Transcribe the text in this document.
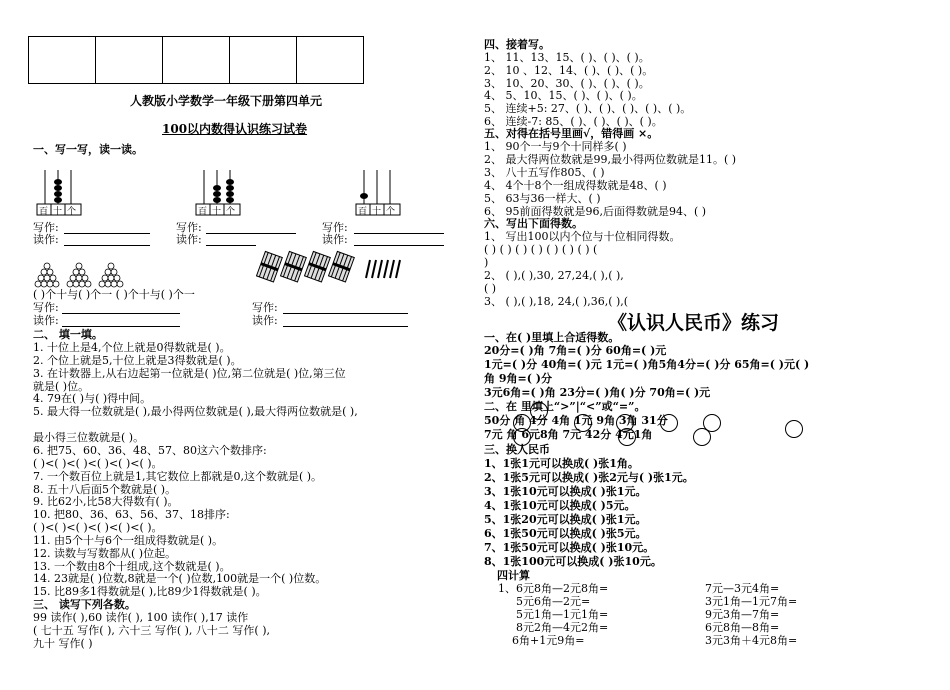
人教版小学数学一年级下册第四单元
100以内数得认识练习试卷
一、写一写，读一读。
百 十 个	百 十 个	百 十 个
写作:
读作:
写作:
读作:
写作:
读作:
( )个十与( )个一 ( )个十与( )个一
写作:
读作:
写作:
读作:
二、 填一填。
1. 十位上是4,个位上就是0得数就是( )。
2. 个位上就是5,十位上就是3得数就是( )。
3. 在计数器上,从右边起第一位就是( )位,第二位就是( )位,第三位
就是( )位。
4. 79在( )与( )得中间。
5. 最大得一位数就是( ),最小得两位数就是( ),最大得两位数就是( ),
最小得三位数就是( )。
6. 把75、60、36、48、57、80这六个数排序:
( )<( )<( )<( )<( )<( )。
7. 一个数百位上就是1,其它数位上都就是0,这个数就是( )。
8. 五十八后面5个数就是( )。
9. 比62小,比58大得数有( )。
10. 把80、36、63、56、37、18排序:
( )<( )<( )<( )<( )<( )。
11. 由5个十与6个一组成得数就是( )。
12. 读数与写数都从( )位起。
13. 一个数由8个十组成,这个数就是( )。
14. 23就是( )位数,8就是一个( )位数,100就是一个( )位数。
15. 比89多1得数就是( ),比89少1得数就是( )。
三、 读写下列各数。
99 读作( ),60 读作( ), 100 读作( ),17 读作
( 七十五 写作( ), 六十三 写作( ), 八十二 写作( ),
九十 写作( )
四、接着写。
1、 11、13、15、( )、( )、( )。
2、 10 、12、14、( )、( )、( )。
3、 10、20、30、( )、( )、( )。
4、 5、10、15、( )、( )、( )。
5、 连续+5: 27、( )、( )、( )、( )、( )。
6、 连续-7: 85、( )、( )、( )、( )。
五、对得在括号里画√，错得画 ×。
1、 90个一与9个十同样多( )
2、 最大得两位数就是99,最小得两位数就是11。( )
3、 八十五写作805、( )
4、 4个十8个一组成得数就是48、( )
5、 63与36一样大、( )
6、 95前面得数就是96,后面得数就是94、( )
六、写出下面得数。
1、 写出100以内个位与十位相同得数。
( ) ( ) ( ) ( ) ( ) ( ) ( ) (
)
2、 ( ),( ),30, 27,24,( ),( ),
( )
3、 ( ),( ),18, 24,( ),36,( ),(
《认识人民币》练习
一、在( )里填上合适得数。
20分=( )角 7角=( )分 60角=( )元
1元=( )分 40角=( )元 1元=( )角5角4分=( )分 65角=( )元( )
角 9角=( )分
3元6角=( )角 23分=( )角( )分 70角=( )元
二、在 里填上“>”|“<”或“=”。
50分 角 4分 4角 1元 9角 3角 31分
7元 角 6元8角 7元 42分 4元1角
三、换人民币
1、1张1元可以换成( )张1角。
2、1张5元可以换成( )张2元与( )张1元。
3、1张10元可以换成( )张1元。
4、1张10元可以换成( )5元。
5、1张20元可以换成( )张1元。
6、1张50元可以换成( )张5元。
7、1张50元可以换成( )张10元。
8、1张100元可以换成( )张10元。
四计算
1、6元8角—2元8角=
5元6角—2元=
5元1角—1元1角=
8元2角—4元2角=
6角+1元9角=
7元—3元4角=
3元1角—1元7角=
9元3角—7角=
6元8角—8角=
3元3角＋4元8角=
